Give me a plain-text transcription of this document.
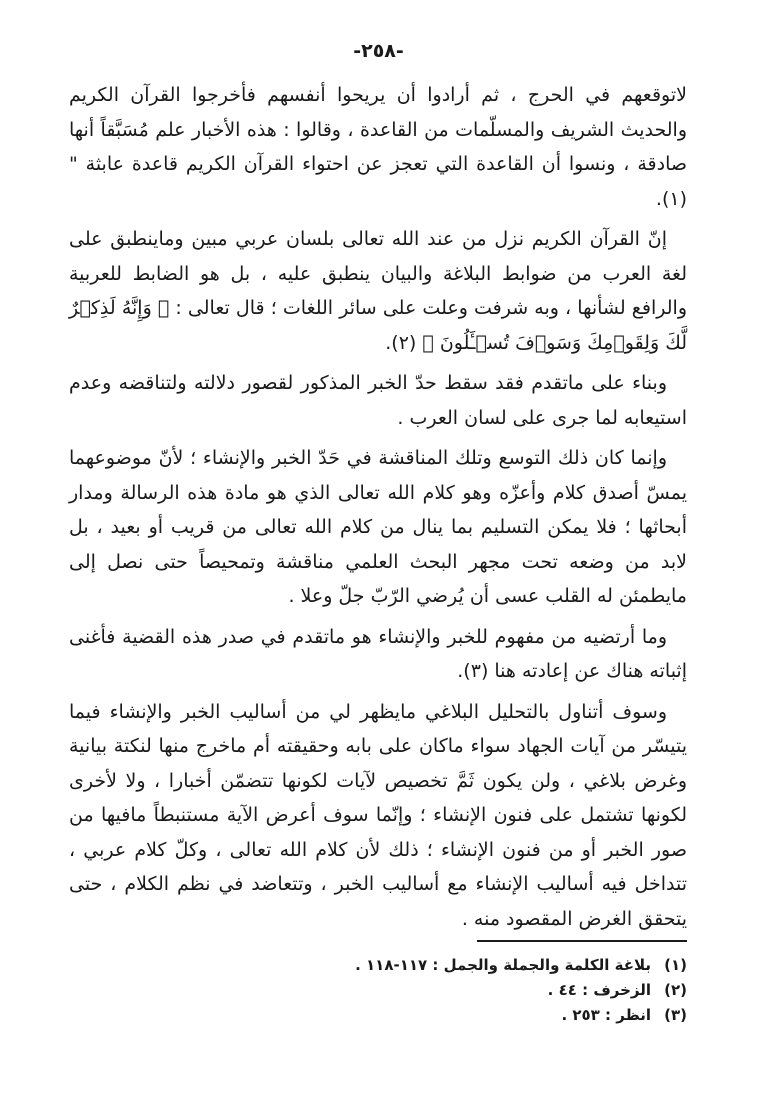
-٢٥٨-

لاتوقعهم في الحرج ، ثم أرادوا أن يريحوا أنفسهم فأخرجوا القرآن الكريم والحديث الشريف والمسلّمات من القاعدة ، وقالوا : هذه الأخبار علم مُسَبَّقاً أنها صادقة ، ونسوا أن القاعدة التي تعجز عن احتواء القرآن الكريم قاعدة عابثة " (١).

إنّ القرآن الكريم نزل من عند الله تعالى بلسان عربي مبين وماينطبق على لغة العرب من ضوابط البلاغة والبيان ينطبق عليه ، بل هو الضابط للعربية والرافع لشأنها ، وبه شرفت وعلت على سائر اللغات ؛ قال تعالى : ﴿ وَإِنَّهُ لَذِكۡرٌ لَّكَ وَلِقَوۡمِكَ وَسَوۡفَ تُسۡـَٔلُونَ ﴾ (٢).

وبناء على ماتقدم فقد سقط حدّ الخبر المذكور لقصور دلالته ولتناقضه وعدم استيعابه لما جرى على لسان العرب .

وإنما كان ذلك التوسع وتلك المناقشة في حَدّ الخبر والإنشاء ؛ لأنّ موضوعهما يمسّ أصدق كلام وأعزّه وهو كلام الله تعالى الذي هو مادة هذه الرسالة ومدار أبحاثها ؛ فلا يمكن التسليم بما ينال من كلام الله تعالى من قريب أو بعيد ، بل لابد من وضعه تحت مجهر البحث العلمي مناقشة وتمحيصاً حتى نصل إلى مايطمئن له القلب عسى أن يُرضي الرّبّ جلّ وعلا .

وما أرتضيه من مفهوم للخبر والإنشاء هو ماتقدم في صدر هذه القضية فأغنى إثباته هناك عن إعادته هنا (٣).

وسوف أتناول بالتحليل البلاغي مايظهر لي من أساليب الخبر والإنشاء فيما يتيسّر من آيات الجهاد سواء ماكان على بابه وحقيقته أم ماخرج منها لنكتة بيانية وغرض بلاغي ، ولن يكون ثَمَّ تخصيص لآيات لكونها تتضمّن أخبارا ، ولا لأخرى لكونها تشتمل على فنون الإنشاء ؛ وإنّما سوف أعرض الآية مستنبطاً مافيها من صور الخبر أو من فنون الإنشاء ؛ ذلك لأن كلام الله تعالى ، وكلّ كلام عربي ، تتداخل فيه أساليب الإنشاء مع أساليب الخبر ، وتتعاضد في نظم الكلام ، حتى يتحقق الغرض المقصود منه .

(١)
بلاغة الكلمة والجملة والجمل : ١١٧-١١٨ .
(٢)
الزخرف : ٤٤ .
(٣)
انظر : ٢٥٣ .
